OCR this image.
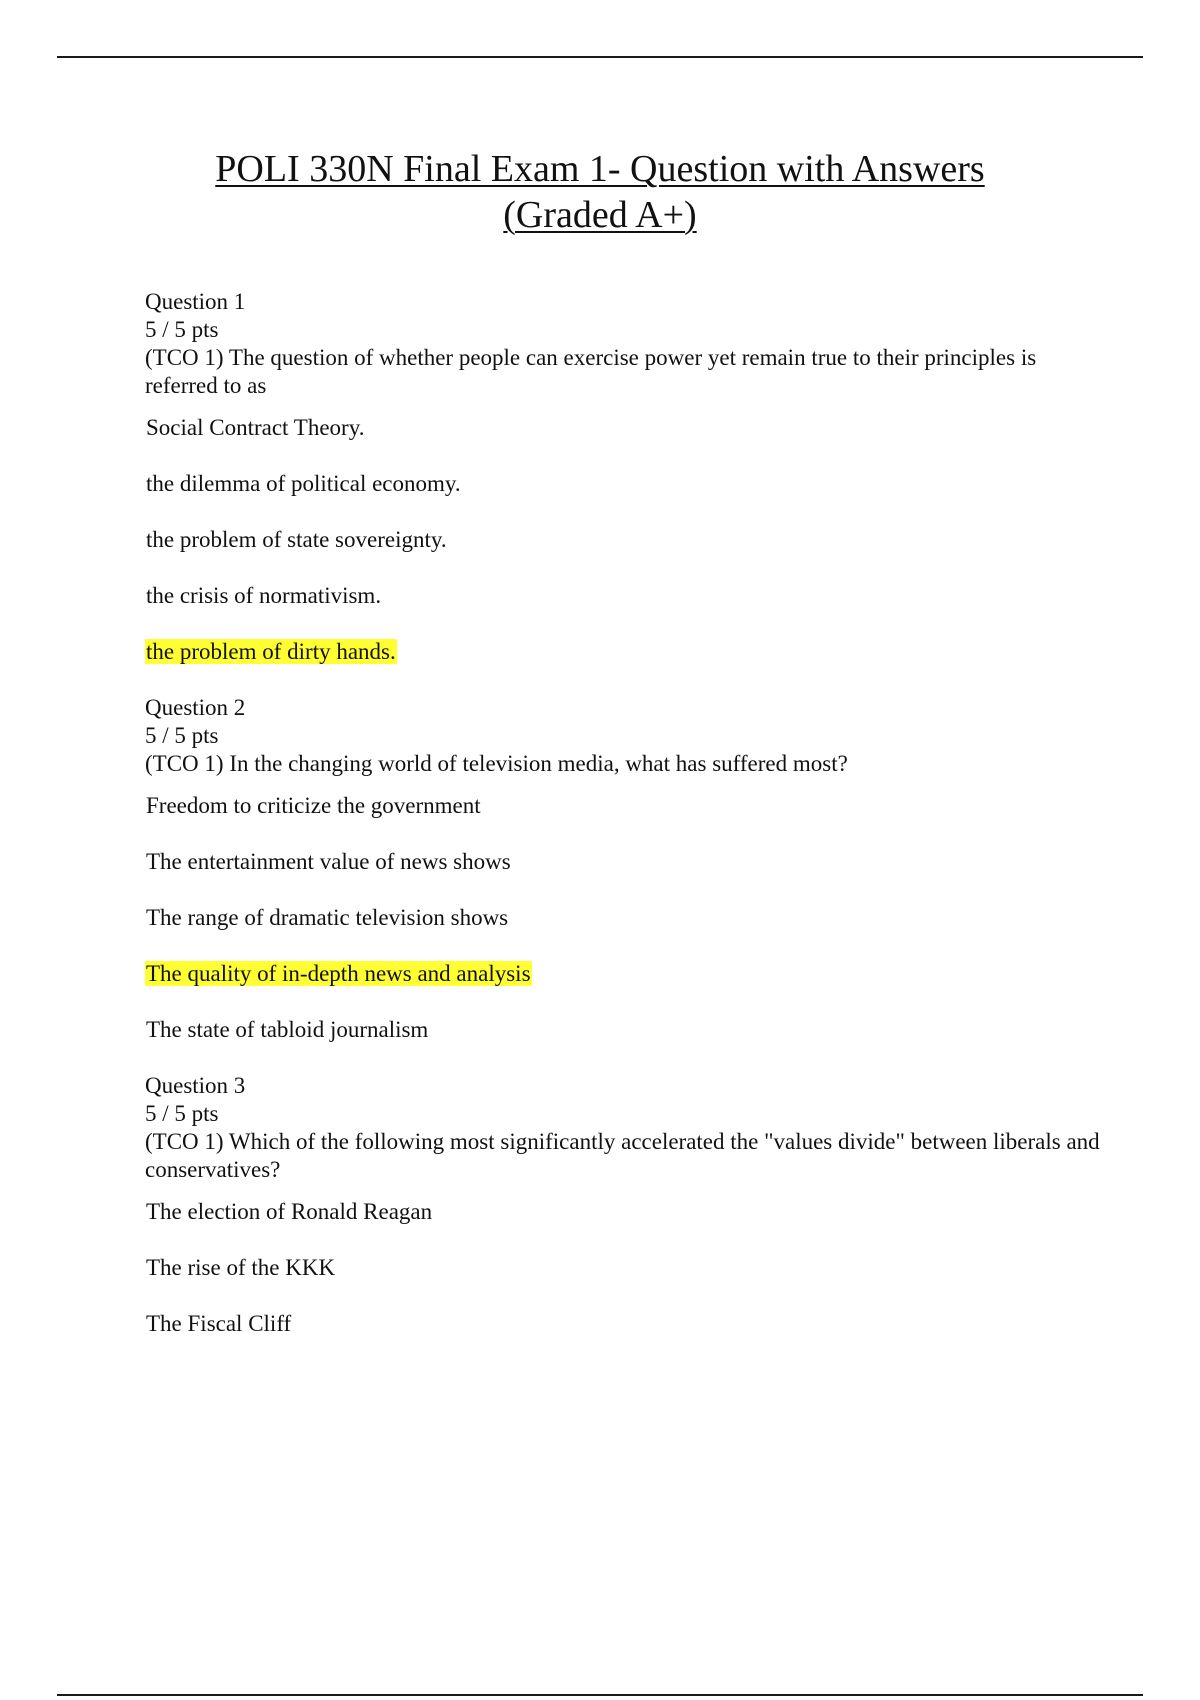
POLI 330N Final Exam 1- Question with Answers
(Graded A+)
Question 1
5 / 5 pts
(TCO 1) The question of whether people can exercise power yet remain true to their principles is referred to as
Social Contract Theory.
the dilemma of political economy.
the problem of state sovereignty.
the crisis of normativism.
the problem of dirty hands.
Question 2
5 / 5 pts
(TCO 1) In the changing world of television media, what has suffered most?
Freedom to criticize the government
The entertainment value of news shows
The range of dramatic television shows
The quality of in-depth news and analysis
The state of tabloid journalism
Question 3
5 / 5 pts
(TCO 1) Which of the following most significantly accelerated the "values divide" between liberals and conservatives?
The election of Ronald Reagan
The rise of the KKK
The Fiscal Cliff
